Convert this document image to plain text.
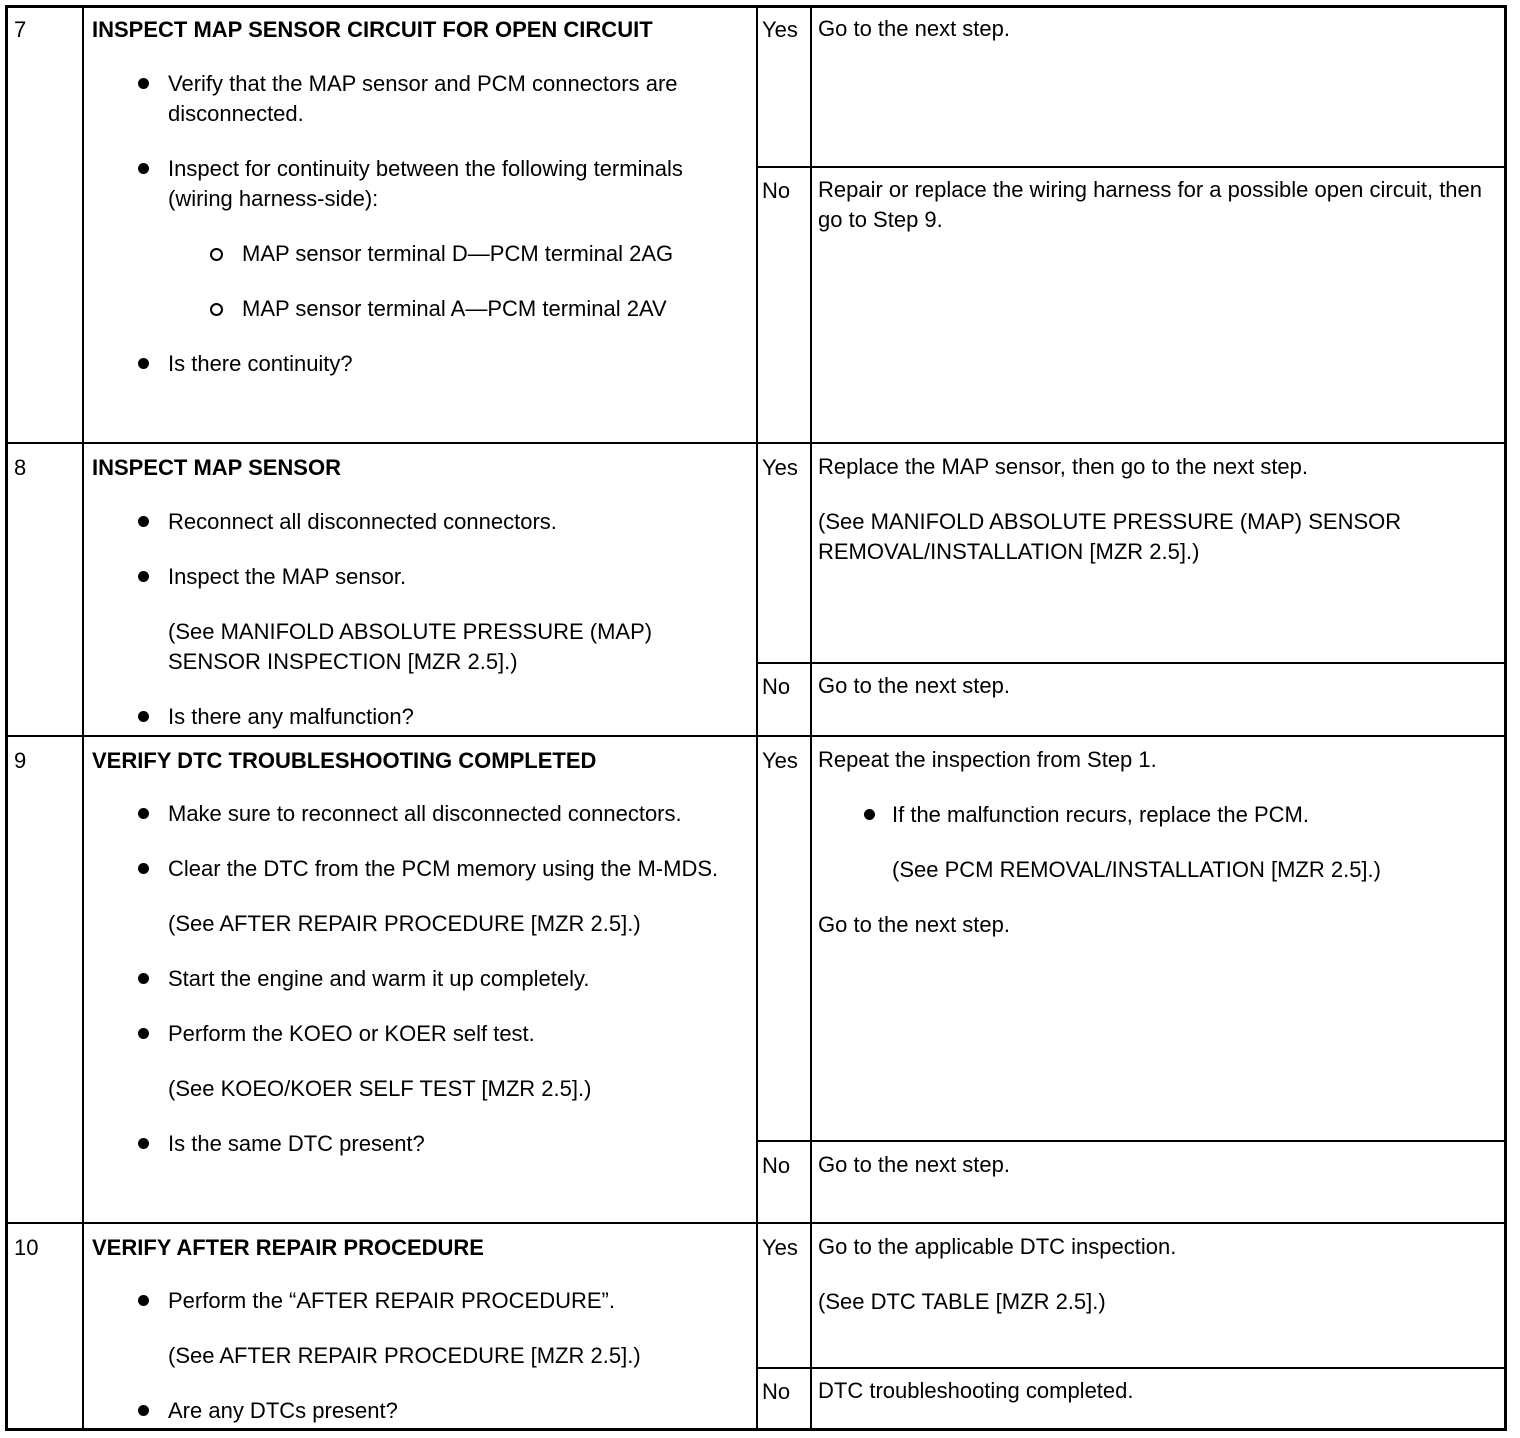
7	INSPECT MAP SENSOR CIRCUIT FOR OPEN CIRCUIT
Verify that the MAP sensor and PCM connectors are disconnected.
Inspect for continuity between the following terminals (wiring harness-side):
MAP sensor terminal D—PCM terminal 2AG
MAP sensor terminal A—PCM terminal 2AV
Is there continuity?
Yes Go to the next step.
No Repair or replace the wiring harness for a possible open circuit, then go to Step 9.
8	INSPECT MAP SENSOR
Reconnect all disconnected connectors.
Inspect the MAP sensor.
(See MANIFOLD ABSOLUTE PRESSURE (MAP) SENSOR INSPECTION [MZR 2.5].)
Is there any malfunction?
Yes Replace the MAP sensor, then go to the next step.
(See MANIFOLD ABSOLUTE PRESSURE (MAP) SENSOR REMOVAL/INSTALLATION [MZR 2.5].)
No Go to the next step.
9	VERIFY DTC TROUBLESHOOTING COMPLETED
Make sure to reconnect all disconnected connectors.
Clear the DTC from the PCM memory using the M-MDS.
(See AFTER REPAIR PROCEDURE [MZR 2.5].)
Start the engine and warm it up completely.
Perform the KOEO or KOER self test.
(See KOEO/KOER SELF TEST [MZR 2.5].)
Is the same DTC present?
Yes Repeat the inspection from Step 1.
If the malfunction recurs, replace the PCM.
(See PCM REMOVAL/INSTALLATION [MZR 2.5].)
Go to the next step.
No Go to the next step.
10 VERIFY AFTER REPAIR PROCEDURE
Perform the “AFTER REPAIR PROCEDURE”.
(See AFTER REPAIR PROCEDURE [MZR 2.5].)
Are any DTCs present?
Yes Go to the applicable DTC inspection.
(See DTC TABLE [MZR 2.5].)
No DTC troubleshooting completed.
